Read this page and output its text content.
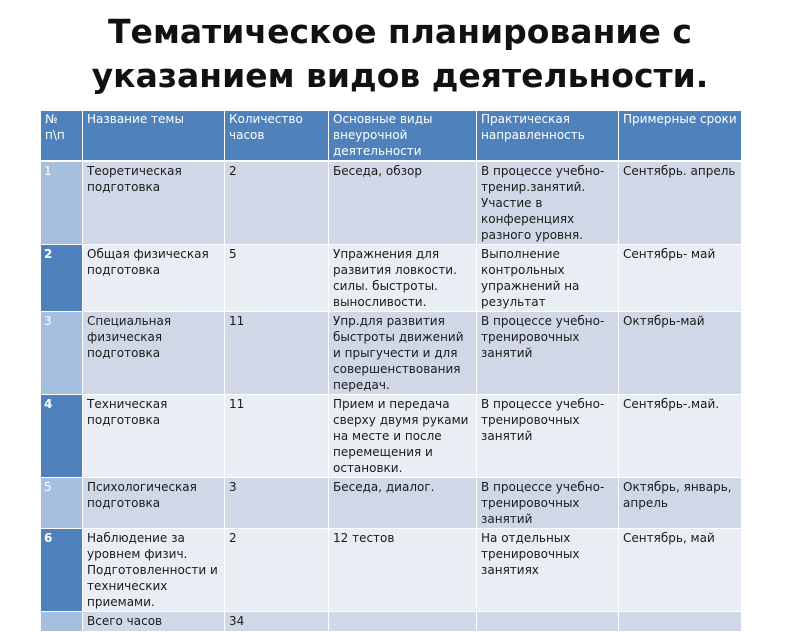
Тематическое планирование с
указанием видов деятельности.
№ п\п	Название темы	Количество часов	Основные виды внеурочной деятельности	Практическая направленность	Примерные сроки
1	Теоретическая подготовка	2	Беседа, обзор	В процессе учебно-тренир.занятий. Участие в конференциях разного уровня.	Сентябрь. апрель
2	Общая физическая подготовка	5	Упражнения для развития ловкости. силы. быстроты. выносливости.	Выполнение контрольных упражнений на результат	Сентябрь- май
3	Специальная физическая подготовка	11	Упр.для развития быстроты движений и прыгучести и для совершенствования передач.	В процессе учебно-тренировочных занятий	Октябрь-май
4	Техническая подготовка	11	Прием и передача сверху двумя руками на месте и после перемещения и остановки.	В процессе учебно-тренировочных занятий	Сентябрь-.май.
5	Психологическая подготовка	3	Беседа, диалог.	В процессе учебно-тренировочных занятий	Октябрь, январь, апрель
6	Наблюдение за уровнем физич. Подготовленности и технических приемами.	2	12 тестов	На отдельных тренировочных занятиях	Сентябрь, май
	Всего часов	34			
